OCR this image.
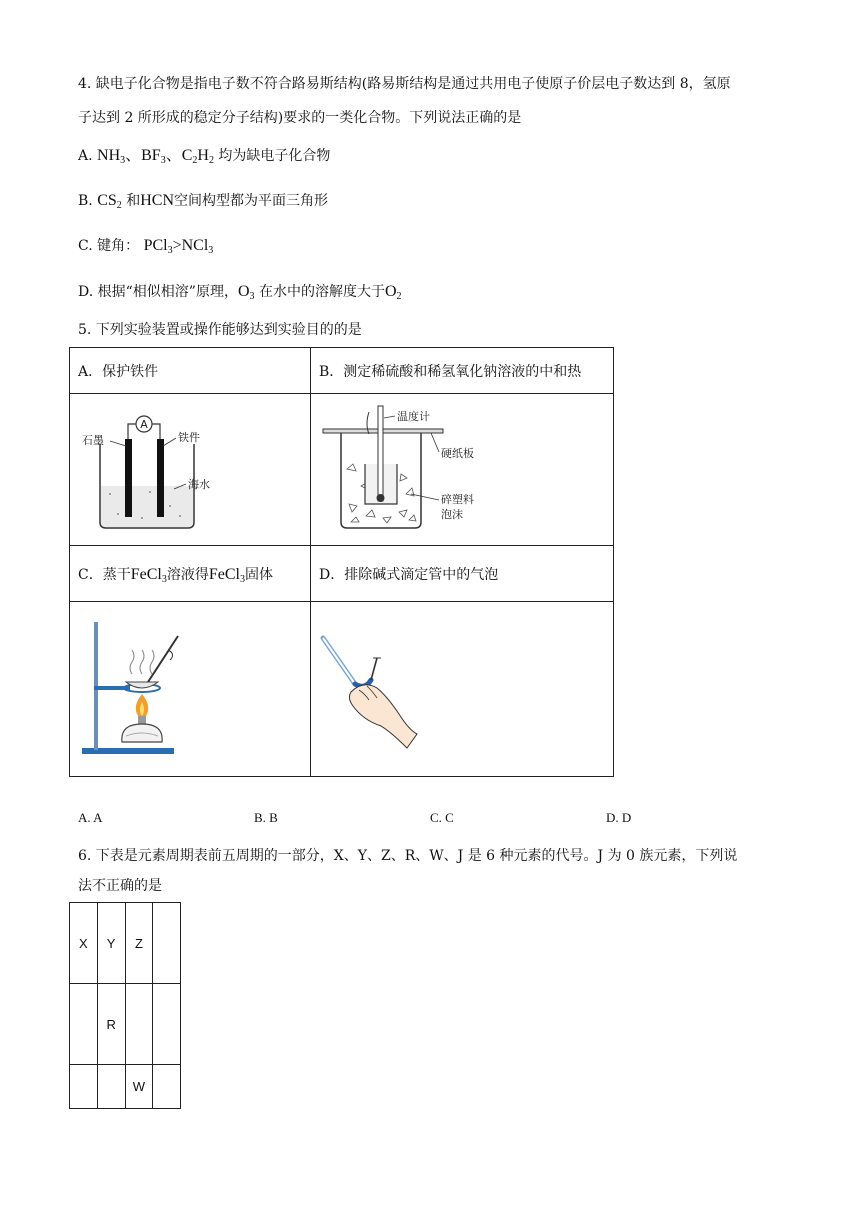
4. 缺电子化合物是指电子数不符合路易斯结构(路易斯结构是通过共用电子使原子价层电子数达到 8，氢原
子达到 2 所形成的稳定分子结构)要求的一类化合物。下列说法正确的是
A. $NH_3$、$BF_3$、$C_2H_2$ 均为缺电子化合物
B. $CS_2$ 和HCN空间构型都为平面三角形
C. 键角： PCl$_3$>NCl$_3$
D. 根据“相似相溶”原理，$O_3$ 在水中的溶解度大于$O_2$
5. 下列实验装置或操作能够达到实验目的的是
A．保护铁件	B．测定稀硫酸和稀氢氧化钠溶液的中和热

A
石墨 铁件
海水	温度计
硬纸板
碎塑料
泡沫

C．蒸干FeCl$_3$溶液得FeCl$_3$固体	D．排除碱式滴定管中的气泡

A. A	B. B	C. C	D. D
6. 下表是元素周期表前五周期的一部分，X、Y、Z、R、W、J 是 6 种元素的代号。J 为 0 族元素，下列说
法不正确的是
X	Y	Z	
	R		
		W	
